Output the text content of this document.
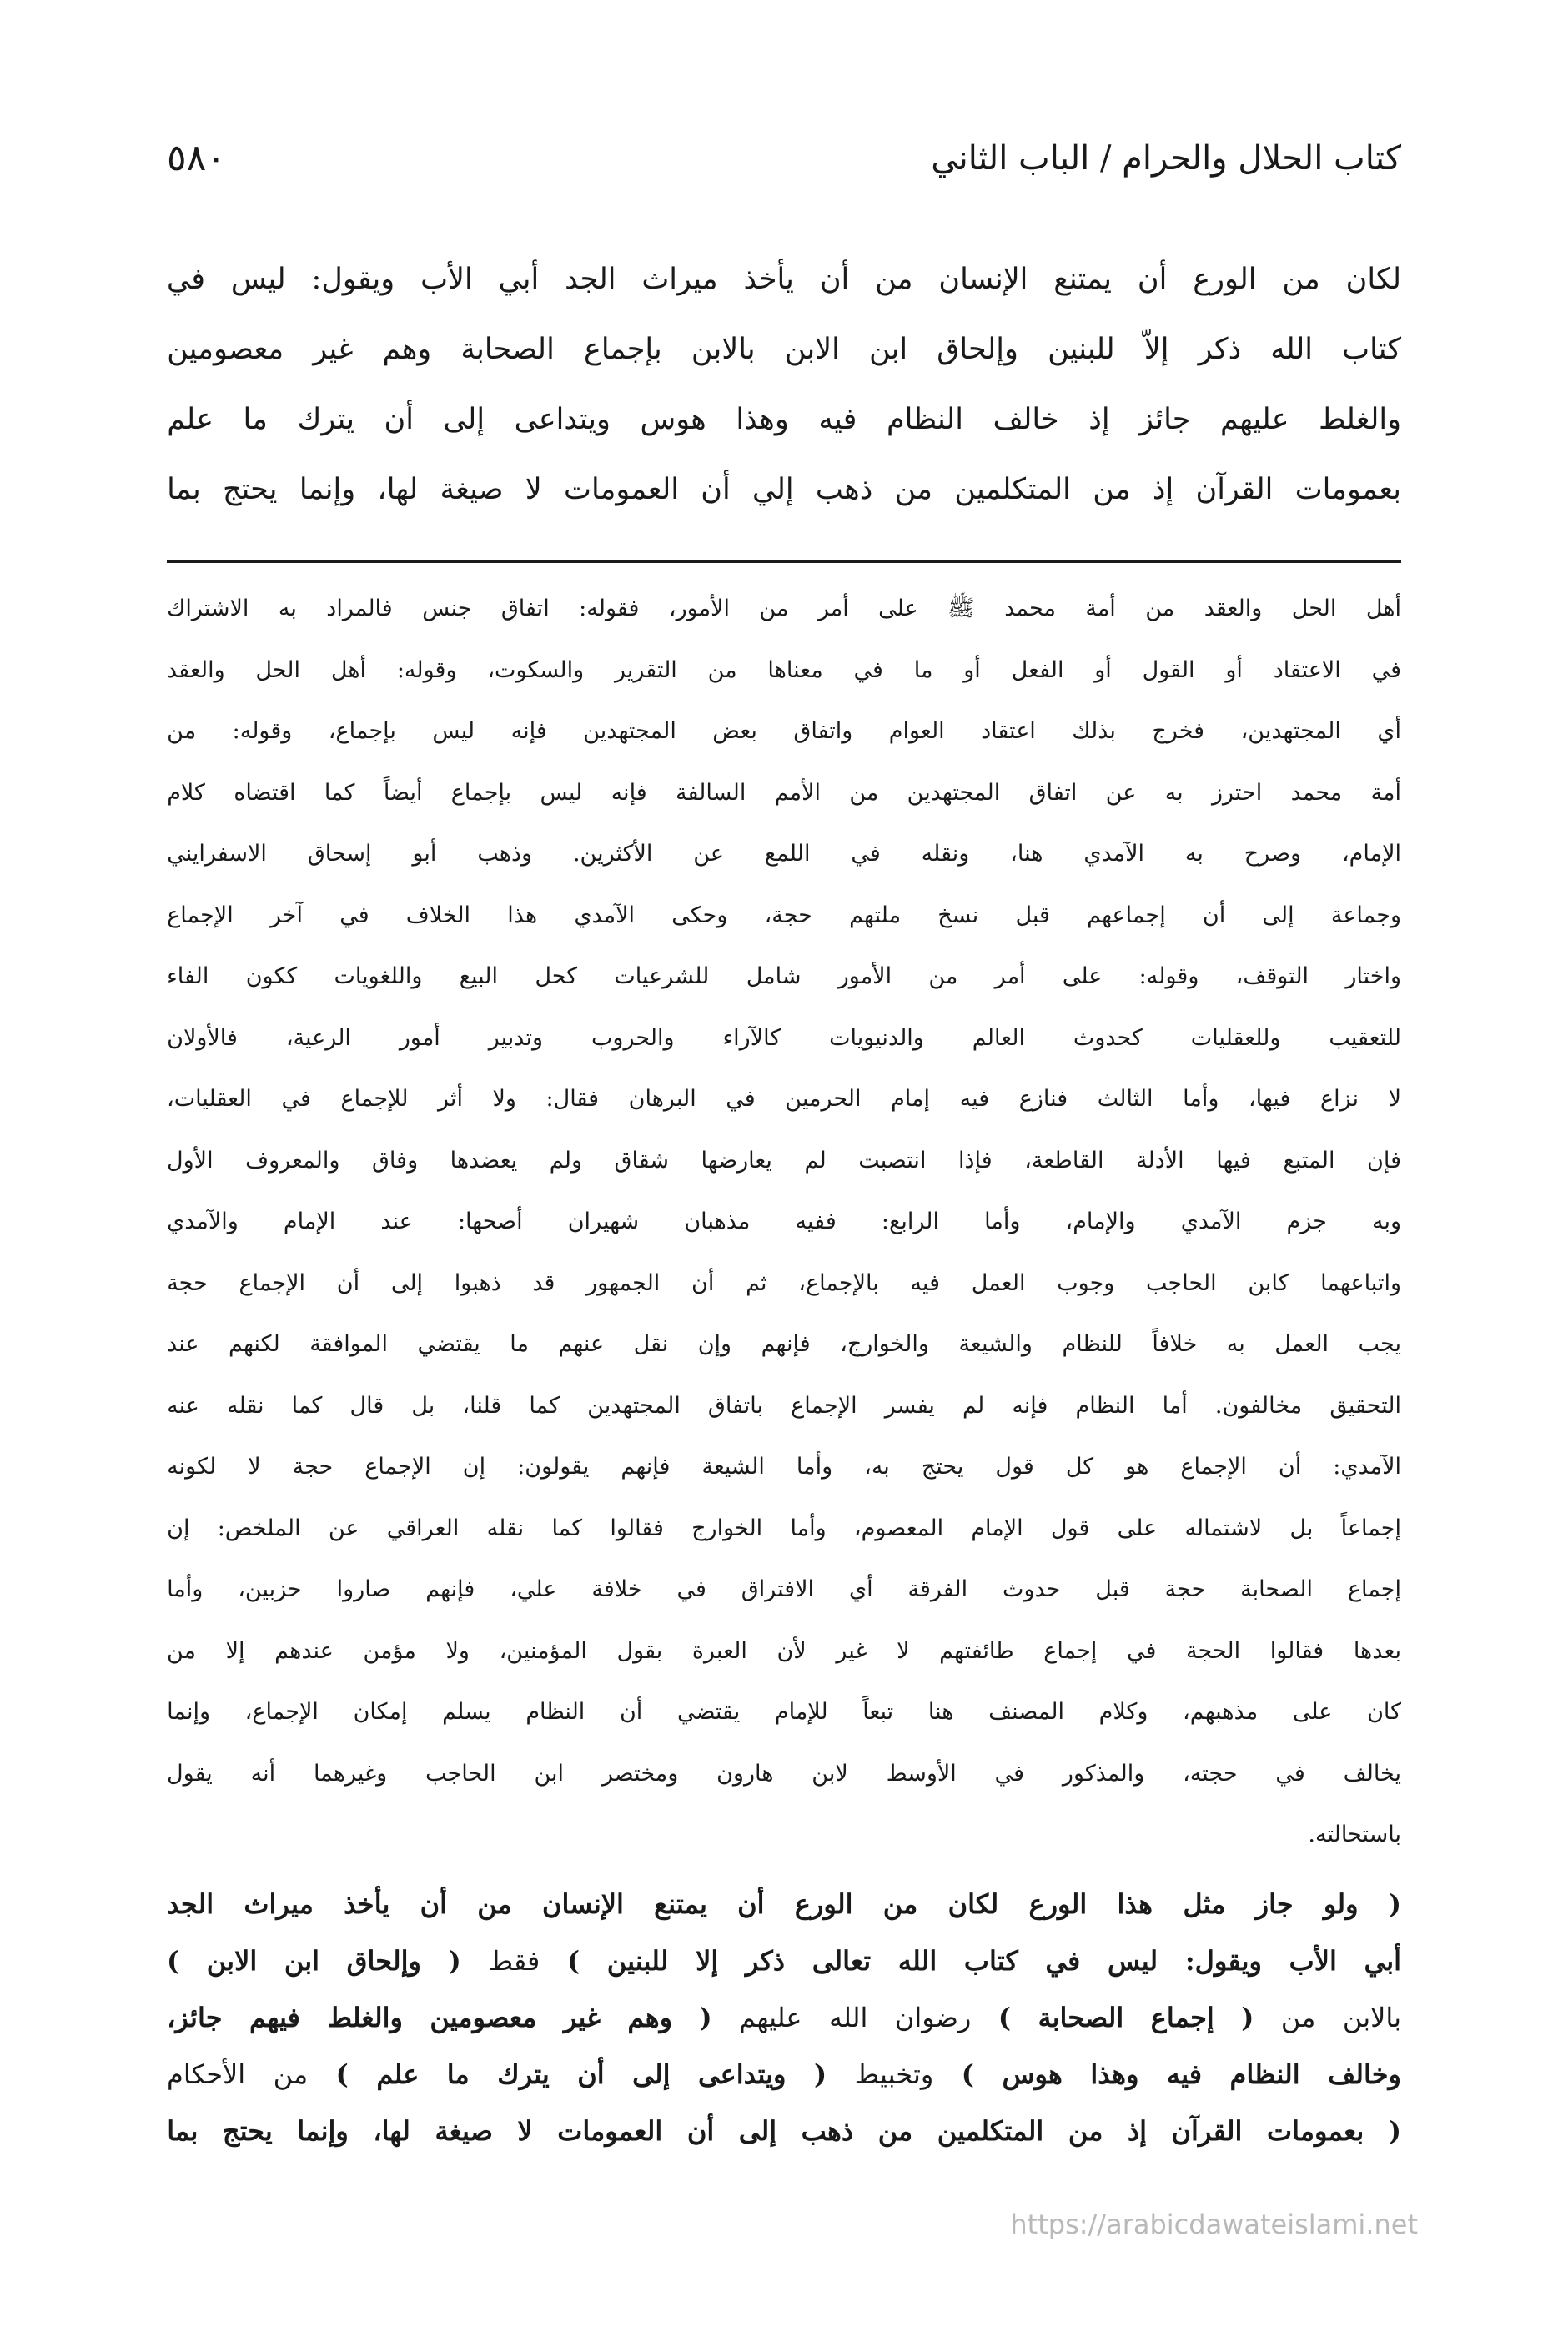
كتاب الحلال والحرام / الباب الثاني
٥٨٠
لكان
من
الورع
أن
يمتنع
الإنسان
من
أن
يأخذ
ميراث
الجد
أبي
الأب
ويقول:
ليس
في
كتاب
الله
ذكر
إلاّ
للبنين
وإلحاق
ابن
الابن
بالابن
بإجماع
الصحابة
وهم
غير
معصومين
والغلط
عليهم
جائز
إذ
خالف
النظام
فيه
وهذا
هوس
ويتداعى
إلى
أن
يترك
ما
علم
بعمومات
القرآن
إذ
من
المتكلمين
من
ذهب
إلي
أن
العمومات
لا
صيغة
لها،
وإنما
يحتج
بما
أهل
الحل
والعقد
من
أمة
محمد
ﷺ
على
أمر
من
الأمور،
فقوله:
اتفاق
جنس
فالمراد
به
الاشتراك
في
الاعتقاد
أو
القول
أو
الفعل
أو
ما
في
معناها
من
التقرير
والسكوت،
وقوله:
أهل
الحل
والعقد
أي
المجتهدين،
فخرج
بذلك
اعتقاد
العوام
واتفاق
بعض
المجتهدين
فإنه
ليس
بإجماع،
وقوله:
من
أمة
محمد
احترز
به
عن
اتفاق
المجتهدين
من
الأمم
السالفة
فإنه
ليس
بإجماع
أيضاً
كما
اقتضاه
كلام
الإمام،
وصرح
به
الآمدي
هنا،
ونقله
في
اللمع
عن
الأكثرين.
وذهب
أبو
إسحاق
الاسفرايني
وجماعة
إلى
أن
إجماعهم
قبل
نسخ
ملتهم
حجة،
وحكى
الآمدي
هذا
الخلاف
في
آخر
الإجماع
واختار
التوقف،
وقوله:
على
أمر
من
الأمور
شامل
للشرعيات
كحل
البيع
واللغويات
ككون
الفاء
للتعقيب
وللعقليات
كحدوث
العالم
والدنيويات
كالآراء
والحروب
وتدبير
أمور
الرعية،
فالأولان
لا
نزاع
فيها،
وأما
الثالث
فنازع
فيه
إمام
الحرمين
في
البرهان
فقال:
ولا
أثر
للإجماع
في
العقليات،
فإن
المتبع
فيها
الأدلة
القاطعة،
فإذا
انتصبت
لم
يعارضها
شقاق
ولم
يعضدها
وفاق
والمعروف
الأول
وبه
جزم
الآمدي
والإمام،
وأما
الرابع:
ففيه
مذهبان
شهيران
أصحها:
عند
الإمام
والآمدي
واتباعهما
كابن
الحاجب
وجوب
العمل
فيه
بالإجماع،
ثم
أن
الجمهور
قد
ذهبوا
إلى
أن
الإجماع
حجة
يجب
العمل
به
خلافاً
للنظام
والشيعة
والخوارج،
فإنهم
وإن
نقل
عنهم
ما
يقتضي
الموافقة
لكنهم
عند
التحقيق
مخالفون.
أما
النظام
فإنه
لم
يفسر
الإجماع
باتفاق
المجتهدين
كما
قلنا،
بل
قال
كما
نقله
عنه
الآمدي:
أن
الإجماع
هو
كل
قول
يحتج
به،
وأما
الشيعة
فإنهم
يقولون:
إن
الإجماع
حجة
لا
لكونه
إجماعاً
بل
لاشتماله
على
قول
الإمام
المعصوم،
وأما
الخوارج
فقالوا
كما
نقله
العراقي
عن
الملخص:
إن
إجماع
الصحابة
حجة
قبل
حدوث
الفرقة
أي
الافتراق
في
خلافة
علي،
فإنهم
صاروا
حزبين،
وأما
بعدها
فقالوا
الحجة
في
إجماع
طائفتهم
لا
غير
لأن
العبرة
بقول
المؤمنين،
ولا
مؤمن
عندهم
إلا
من
كان
على
مذهبهم،
وكلام
المصنف
هنا
تبعاً
للإمام
يقتضي
أن
النظام
يسلم
إمكان
الإجماع،
وإنما
يخالف
في
حجته،
والمذكور
في
الأوسط
لابن
هارون
ومختصر
ابن
الحاجب
وغيرهما
أنه
يقول
باستحالته.
(
ولو
جاز
مثل
هذا
الورع
لكان
من
الورع
أن
يمتنع
الإنسان
من
أن
يأخذ
ميراث
الجد
أبي
الأب
ويقول:
ليس
في
كتاب
الله
تعالى
ذكر
إلا
للبنين
)
فقط
(
وإلحاق
ابن
الابن
)
بالابن
من
(
إجماع
الصحابة
)
رضوان
الله
عليهم
(
وهم
غير
معصومين
والغلط
فيهم
جائز،
وخالف
النظام
فيه
وهذا
هوس
)
وتخبيط
(
ويتداعى
إلى
أن
يترك
ما
علم
)
من
الأحكام
(
بعمومات
القرآن
إذ
من
المتكلمين
من
ذهب
إلى
أن
العمومات
لا
صيغة
لها،
وإنما
يحتج
بما
https://arabicdawateislami.net
